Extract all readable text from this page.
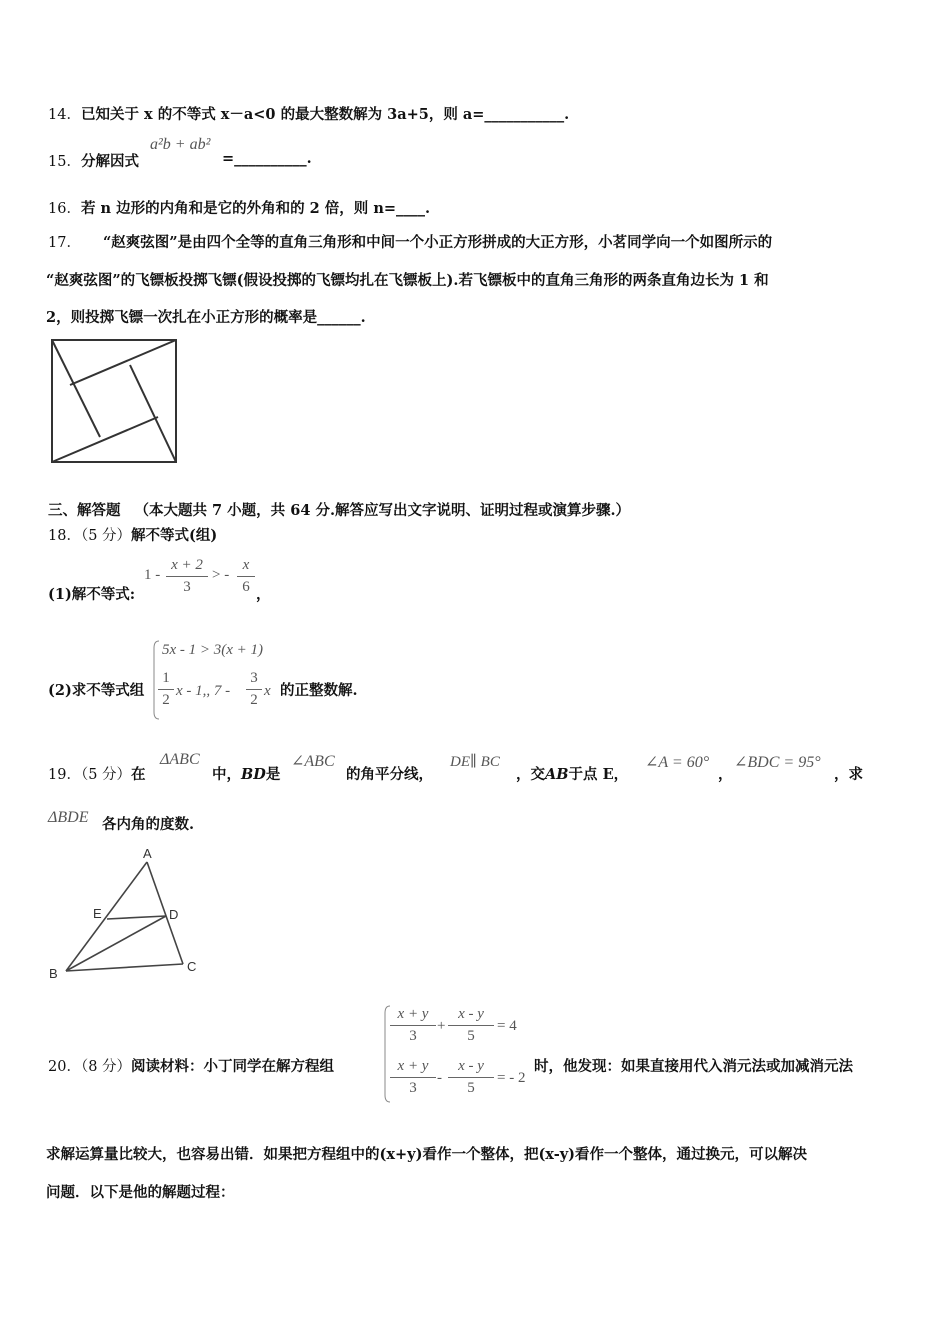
14．已知关于 x 的不等式 x－a<0 的最大整数解为 3a+5，则 a=___________.
15．分解因式
a²b + ab²
=__________.
16．若 n 边形的内角和是它的外角和的 2 倍，则 n=____.
17． “赵爽弦图”是由四个全等的直角三角形和中间一个小正方形拼成的大正方形，小茗同学向一个如图所示的
“赵爽弦图”的飞镖板投掷飞镖(假设投掷的飞镖均扎在飞镖板上).若飞镖板中的直角三角形的两条直角边长为 1 和
2，则投掷飞镖一次扎在小正方形的概率是______.
三、解答题 （本大题共 7 小题，共 64 分.解答应写出文字说明、证明过程或演算步骤.）
18．（5 分）解不等式(组)
(1)解不等式:
1 -
x + 2
3
> -
x
6 ，
(2)求不等式组
5x - 1 > 3(x + 1)
1
2
x - 1,, 7 -
3
2
x 的正整数解.
19．（5 分）在
ΔABC
中，BD是
∠ABC
的角平分线，
DE∥ BC
，交AB于点 E，
∠A = 60°
，
∠BDC = 95°
，求
ΔBDE 各内角的度数.
A
E	D
B	C
20．（8 分）阅读材料：小丁同学在解方程组
x + y
3
+
x - y
5
= 4
x + y
3
-
x - y
5
= - 2
时，他发现：如果直接用代入消元法或加减消元法
求解运算量比较大，也容易出错．如果把方程组中的(x+y)看作一个整体，把(x-y)看作一个整体，通过换元，可以解决
问题．以下是他的解题过程：
